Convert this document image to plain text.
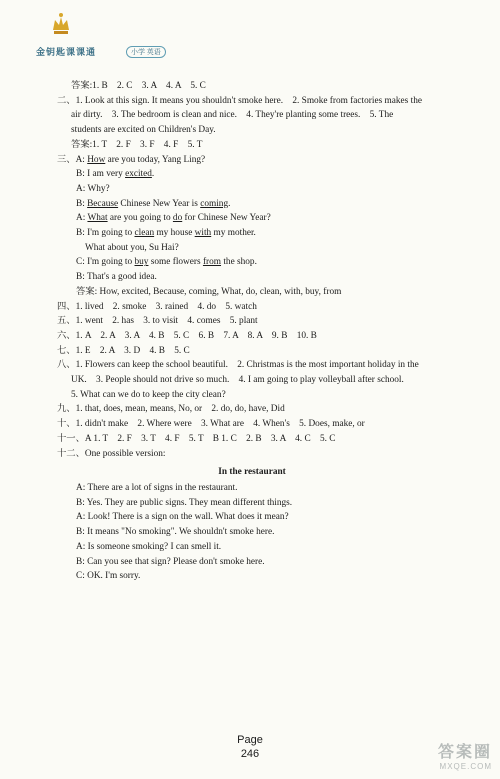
金钥匙课课通	小学 英语
答案:1. B　2. C　3. A　4. A　5. C
二、1. Look at this sign. It means you shouldn't smoke here.　2. Smoke from factories makes the
air dirty.　3. The bedroom is clean and nice.　4. They're planting some trees.　5. The
students are excited on Children's Day.
答案:1. T　2. F　3. F　4. F　5. T
三、A: How are you today, Yang Ling?
B: I am very excited.
A: Why?
B: Because Chinese New Year is coming.
A: What are you going to do for Chinese New Year?
B: I'm going to clean my house with my mother.
What about you, Su Hai?
C: I'm going to buy some flowers from the shop.
B: That's a good idea.
答案: How, excited, Because, coming, What, do, clean, with, buy, from
四、1. lived　2. smoke　3. rained　4. do　5. watch
五、1. went　2. has　3. to visit　4. comes　5. plant
六、1. A　2. A　3. A　4. B　5. C　6. B　7. A　8. A　9. B　10. B
七、1. E　2. A　3. D　4. B　5. C
八、1. Flowers can keep the school beautiful.　2. Christmas is the most important holiday in the
UK.　3. People should not drive so much.　4. I am going to play volleyball after school.
5. What can we do to keep the city clean?
九、1. that, does, mean, means, No, or　2. do, do, have, Did
十、1. didn't make　2. Where were　3. What are　4. When's　5. Does, make, or
十一、A 1. T　2. F　3. T　4. F　5. T　B 1. C　2. B　3. A　4. C　5. C
十二、One possible version:
In the restaurant
A: There are a lot of signs in the restaurant.
B: Yes. They are public signs. They mean different things.
A: Look! There is a sign on the wall. What does it mean?
B: It means "No smoking". We shouldn't smoke here.
A: Is someone smoking? I can smell it.
B: Can you see that sign? Please don't smoke here.
C: OK. I'm sorry.
Page
246	答案圈
MXQE.COM
